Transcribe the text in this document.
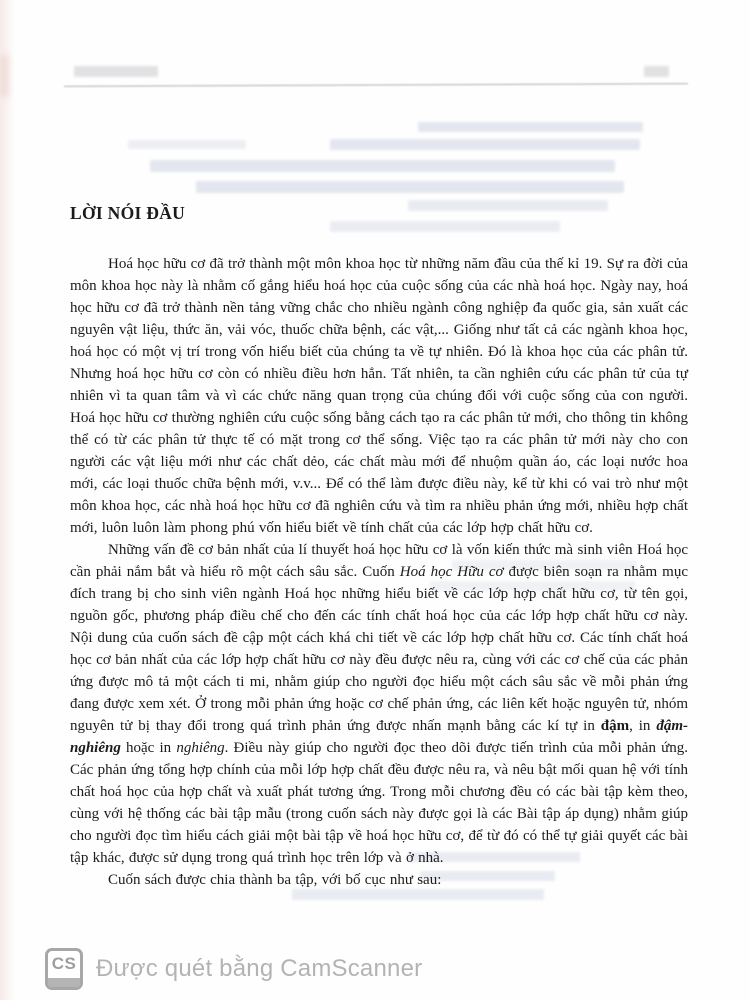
LỜI NÓI ĐẦU

Hoá học hữu cơ đã trở thành một môn khoa học từ những năm đầu của thế kỉ 19. Sự ra đời của môn khoa học này là nhằm cố gắng hiểu hoá học của cuộc sống của các nhà hoá học. Ngày nay, hoá học hữu cơ đã trở thành nền tảng vững chắc cho nhiều ngành công nghiệp đa quốc gia, sản xuất các nguyên vật liệu, thức ăn, vải vóc, thuốc chữa bệnh, các vật,... Giống như tất cả các ngành khoa học, hoá học có một vị trí trong vốn hiểu biết của chúng ta về tự nhiên. Đó là khoa học của các phân tử. Nhưng hoá học hữu cơ còn có nhiều điều hơn hẳn. Tất nhiên, ta cần nghiên cứu các phân tử của tự nhiên vì ta quan tâm và vì các chức năng quan trọng của chúng đối với cuộc sống của con người. Hoá học hữu cơ thường nghiên cứu cuộc sống bằng cách tạo ra các phân tử mới, cho thông tin không thể có từ các phân tử thực tế có mặt trong cơ thể sống. Việc tạo ra các phân tử mới này cho con người các vật liệu mới như các chất dẻo, các chất màu mới để nhuộm quần áo, các loại nước hoa mới, các loại thuốc chữa bệnh mới, v.v... Để có thể làm được điều này, kể từ khi có vai trò như một môn khoa học, các nhà hoá học hữu cơ đã nghiên cứu và tìm ra nhiều phản ứng mới, nhiều hợp chất mới, luôn luôn làm phong phú vốn hiểu biết về tính chất của các lớp hợp chất hữu cơ.

Những vấn đề cơ bản nhất của lí thuyết hoá học hữu cơ là vốn kiến thức mà sinh viên Hoá học cần phải nắm bắt và hiểu rõ một cách sâu sắc. Cuốn Hoá học Hữu cơ được biên soạn ra nhằm mục đích trang bị cho sinh viên ngành Hoá học những hiểu biết về các lớp hợp chất hữu cơ, từ tên gọi, nguồn gốc, phương pháp điều chế cho đến các tính chất hoá học của các lớp hợp chất hữu cơ này. Nội dung của cuốn sách đề cập một cách khá chi tiết về các lớp hợp chất hữu cơ. Các tính chất hoá học cơ bản nhất của các lớp hợp chất hữu cơ này đều được nêu ra, cùng với các cơ chế của các phản ứng được mô tả một cách ti mi, nhằm giúp cho người đọc hiểu một cách sâu sắc về mỗi phản ứng đang được xem xét. Ở trong mỗi phản ứng hoặc cơ chế phản ứng, các liên kết hoặc nguyên tử, nhóm nguyên tử bị thay đổi trong quá trình phản ứng được nhấn mạnh bằng các kí tự in đậm, in đậm-nghiêng hoặc in nghiêng. Điều này giúp cho người đọc theo dõi được tiến trình của mỗi phản ứng. Các phản ứng tổng hợp chính của mỗi lớp hợp chất đều được nêu ra, và nêu bật mối quan hệ với tính chất hoá học của hợp chất và xuất phát tương ứng. Trong mỗi chương đều có các bài tập kèm theo, cùng với hệ thống các bài tập mẫu (trong cuốn sách này được gọi là các Bài tập áp dụng) nhằm giúp cho người đọc tìm hiểu cách giải một bài tập về hoá học hữu cơ, để từ đó có thể tự giải quyết các bài tập khác, được sử dụng trong quá trình học trên lớp và ở nhà.

Cuốn sách được chia thành ba tập, với bố cục như sau:

CS Được quét bằng CamScanner
